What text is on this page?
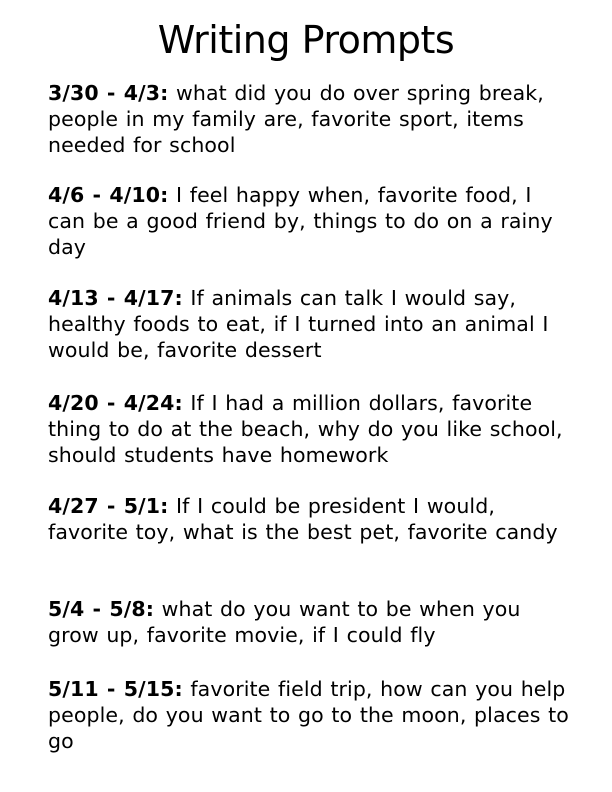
Writing Prompts
3/30 - 4/3: what did you do over spring break, people in my family are, favorite sport, items needed for school
4/6 - 4/10: I feel happy when, favorite food, I can be a good friend by, things to do on a rainy day
4/13 - 4/17: If animals can talk I would say, healthy foods to eat, if I turned into an animal I would be, favorite dessert
4/20 - 4/24: If I had a million dollars, favorite thing to do at the beach, why do you like school, should students have homework
4/27 - 5/1: If I could be president I would, favorite toy, what is the best pet, favorite candy
5/4 - 5/8: what do you want to be when you grow up, favorite movie, if I could fly
5/11 - 5/15: favorite field trip, how can you help people, do you want to go to the moon, places to go
